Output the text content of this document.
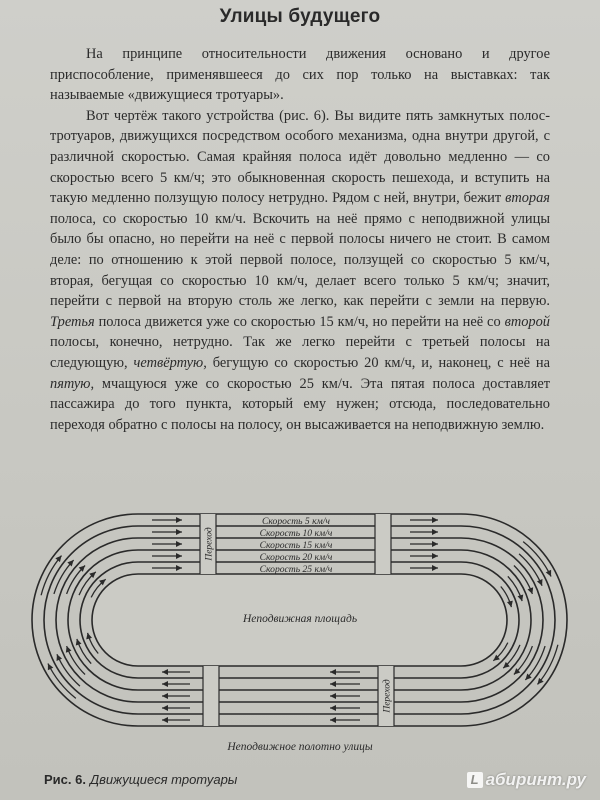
Улицы будущего

На принципе относительности движения основано и другое приспособление, применявшееся до сих пор только на выставках: так называемые «движущиеся тротуары».

Вот чертёж такого устройства (рис. 6). Вы видите пять замкнутых полос-тротуаров, движущихся посредством особого механизма, одна внутри другой, с различной скоростью. Самая крайняя полоса идёт довольно медленно — со скоростью всего 5 км/ч; это обыкновенная скорость пешехода, и вступить на такую медленно ползущую полосу нетрудно. Рядом с ней, внутри, бежит вторая полоса, со скоростью 10 км/ч. Вскочить на неё прямо с неподвижной улицы было бы опасно, но перейти на неё с первой полосы ничего не стоит. В самом деле: по отношению к этой первой полосе, ползущей со скоростью 5 км/ч, вторая, бегущая со скоростью 10 км/ч, делает всего только 5 км/ч; значит, перейти с первой на вторую столь же легко, как перейти с земли на первую. Третья полоса движется уже со скоростью 15 км/ч, но перейти на неё со второй полосы, конечно, нетрудно. Так же легко перейти с третьей полосы на следующую, четвёртую, бегущую со скоростью 20 км/ч, и, наконец, с неё на пятую, мчащуюся уже со скоростью 25 км/ч. Эта пятая полоса доставляет пассажира до того пункта, который ему нужен; отсюда, последовательно переходя обратно с полосы на полосу, он высаживается на неподвижную землю.

Переход
Переход
Скорость 5 км/ч
Скорость 10 км/ч
Скорость 15 км/ч
Скорость 20 км/ч
Скорость 25 км/ч
Неподвижная площадь
Неподвижное полотно улицы
Рис. 6. Движущиеся тротуары	L абиринт.ру
